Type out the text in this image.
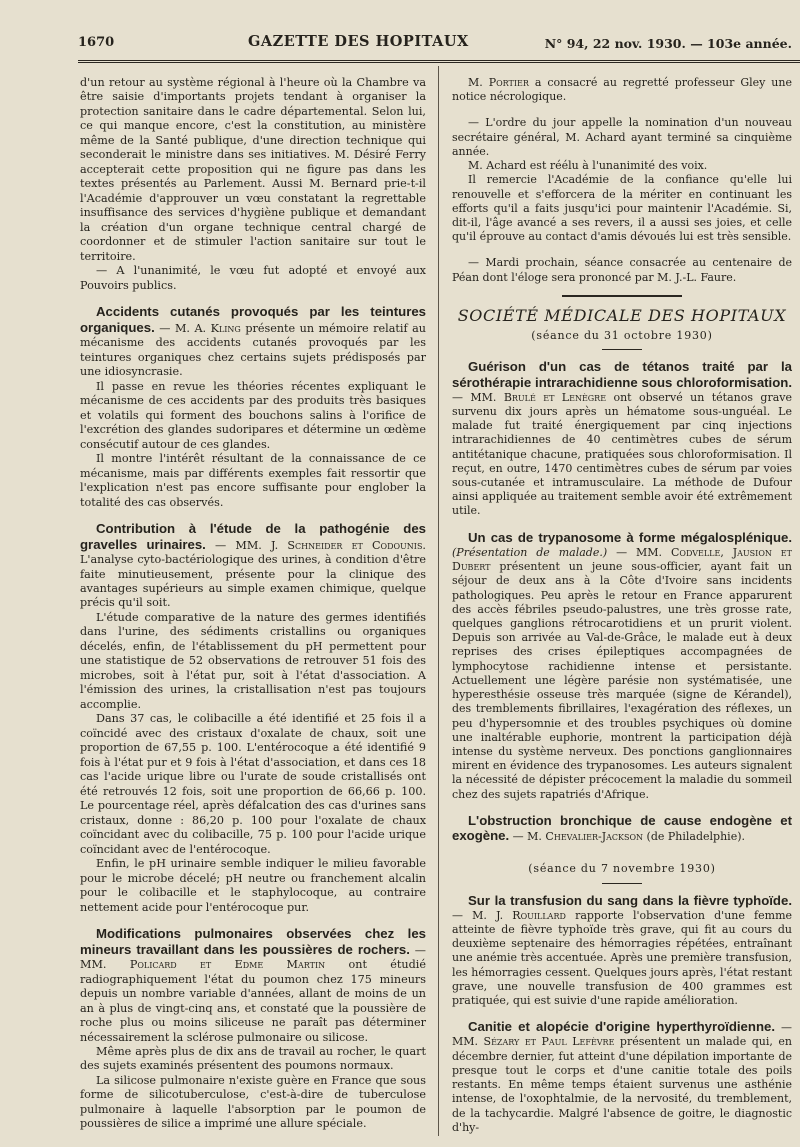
1670	GAZETTE DES HOPITAUX	N° 94, 22 nov. 1930. — 103e année.

d'un retour au système régional à l'heure où la Chambre va être saisie d'importants projets tendant à organiser la protection sanitaire dans le cadre départemental. Selon lui, ce qui manque encore, c'est la constitution, au ministère même de la Santé publique, d'une direction technique qui seconderait le ministre dans ses initiatives. M. Désiré Ferry accepterait cette proposition qui ne figure pas dans les textes présentés au Parlement. Aussi M. Bernard prie-t-il l'Académie d'approuver un vœu constatant la regrettable insuffisance des services d'hygiène publique et demandant la création d'un organe technique central chargé de coordonner et de stimuler l'action sanitaire sur tout le territoire.

— A l'unanimité, le vœu fut adopté et envoyé aux Pouvoirs publics.

Accidents cutanés provoqués par les teintures organiques. — M. A. Kling présente un mémoire relatif au mécanisme des accidents cutanés provoqués par les teintures organiques chez certains sujets prédisposés par une idiosyncrasie.

Il passe en revue les théories récentes expliquant le mécanisme de ces accidents par des produits très basiques et volatils qui forment des bouchons salins à l'orifice de l'excrétion des glandes sudoripares et détermine un œdème consécutif autour de ces glandes.

Il montre l'intérêt résultant de la connaissance de ce mécanisme, mais par différents exemples fait ressortir que l'explication n'est pas encore suffisante pour englober la totalité des cas observés.

Contribution à l'étude de la pathogénie des gravelles urinaires. — MM. J. Schneider et Codounis. L'analyse cyto-bactériologique des urines, à condition d'être faite minutieusement, présente pour la clinique des avantages supérieurs au simple examen chimique, quelque précis qu'il soit.

L'étude comparative de la nature des germes identifiés dans l'urine, des sédiments cristallins ou organiques décelés, enfin, de l'établissement du pH permettent pour une statistique de 52 observations de retrouver 51 fois des microbes, soit à l'état pur, soit à l'état d'association. A l'émission des urines, la cristallisation n'est pas toujours accomplie.

Dans 37 cas, le colibacille a été identifié et 25 fois il a coïncidé avec des cristaux d'oxalate de chaux, soit une proportion de 67,55 p. 100. L'entérocoque a été identifié 9 fois à l'état pur et 9 fois à l'état d'association, et dans ces 18 cas l'acide urique libre ou l'urate de soude cristallisés ont été retrouvés 12 fois, soit une proportion de 66,66 p. 100. Le pourcentage réel, après défalcation des cas d'urines sans cristaux, donne : 86,20 p. 100 pour l'oxalate de chaux coïncidant avec du colibacille, 75 p. 100 pour l'acide urique coïncidant avec de l'entérocoque.

Enfin, le pH urinaire semble indiquer le milieu favorable pour le microbe décelé; pH neutre ou franchement alcalin pour le colibacille et le staphylocoque, au contraire nettement acide pour l'entérocoque pur.

Modifications pulmonaires observées chez les mineurs travaillant dans les poussières de rochers. — MM. Policard et Edme Martin ont étudié radiographiquement l'état du poumon chez 175 mineurs depuis un nombre variable d'années, allant de moins de un an à plus de vingt-cinq ans, et constaté que la poussière de roche plus ou moins siliceuse ne paraît pas déterminer nécessairement la sclérose pulmonaire ou silicose.

Même après plus de dix ans de travail au rocher, le quart des sujets examinés présentent des poumons normaux.

La silicose pulmonaire n'existe guère en France que sous forme de silicotuberculose, c'est-à-dire de tuberculose pulmonaire à laquelle l'absorption par le poumon de poussières de silice a imprimé une allure spéciale.

M. Portier a consacré au regretté professeur Gley une notice nécrologique.

— L'ordre du jour appelle la nomination d'un nouveau secrétaire général, M. Achard ayant terminé sa cinquième année.

M. Achard est réélu à l'unanimité des voix.

Il remercie l'Académie de la confiance qu'elle lui renouvelle et s'efforcera de la mériter en continuant les efforts qu'il a faits jusqu'ici pour maintenir l'Académie. Si, dit-il, l'âge avancé a ses revers, il a aussi ses joies, et celle qu'il éprouve au contact d'amis dévoués lui est très sensible.

— Mardi prochain, séance consacrée au centenaire de Péan dont l'éloge sera prononcé par M. J.-L. Faure.

SOCIÉTÉ MÉDICALE DES HOPITAUX
(séance du 31 octobre 1930)

Guérison d'un cas de tétanos traité par la sérothérapie intrarachidienne sous chloroformisation. — MM. Brulé et Lenègre ont observé un tétanos grave survenu dix jours après un hématome sous-unguéal. Le malade fut traité énergiquement par cinq injections intrarachidiennes de 40 centimètres cubes de sérum antitétanique chacune, pratiquées sous chloroformisation. Il reçut, en outre, 1470 centimètres cubes de sérum par voies sous-cutanée et intramusculaire. La méthode de Dufour ainsi appliquée au traitement semble avoir été extrêmement utile.

Un cas de trypanosome à forme mégalosplénique. (Présentation de malade.) — MM. Codvelle, Jausion et Dubert présentent un jeune sous-officier, ayant fait un séjour de deux ans à la Côte d'Ivoire sans incidents pathologiques. Peu après le retour en France apparurent des accès fébriles pseudo-palustres, une très grosse rate, quelques ganglions rétrocarotidiens et un prurit violent. Depuis son arrivée au Val-de-Grâce, le malade eut à deux reprises des crises épileptiques accompagnées de lymphocytose rachidienne intense et persistante. Actuellement une légère parésie non systématisée, une hyperesthésie osseuse très marquée (signe de Kérandel), des tremblements fibrillaires, l'exagération des réflexes, un peu d'hypersomnie et des troubles psychiques où domine une inaltérable euphorie, montrent la participation déjà intense du système nerveux. Des ponctions ganglionnaires mirent en évidence des trypanosomes. Les auteurs signalent la nécessité de dépister précocement la maladie du sommeil chez des sujets rapatriés d'Afrique.

L'obstruction bronchique de cause endogène et exogène. — M. Chevalier-Jackson (de Philadelphie).

(séance du 7 novembre 1930)

Sur la transfusion du sang dans la fièvre typhoïde. — M. J. Rouillard rapporte l'observation d'une femme atteinte de fièvre typhoïde très grave, qui fit au cours du deuxième septenaire des hémorragies répétées, entraînant une anémie très accentuée. Après une première transfusion, les hémorragies cessent. Quelques jours après, l'état restant grave, une nouvelle transfusion de 400 grammes est pratiquée, qui est suivie d'une rapide amélioration.

Canitie et alopécie d'origine hyperthyroïdienne. — MM. Sézary et Paul Lefèvre présentent un malade qui, en décembre dernier, fut atteint d'une dépilation importante de presque tout le corps et d'une canitie totale des poils restants. En même temps étaient survenus une asthénie intense, de l'oxophtalmie, de la nervosité, du tremblement, de la tachycardie. Malgré l'absence de goitre, le diagnostic d'hy-
